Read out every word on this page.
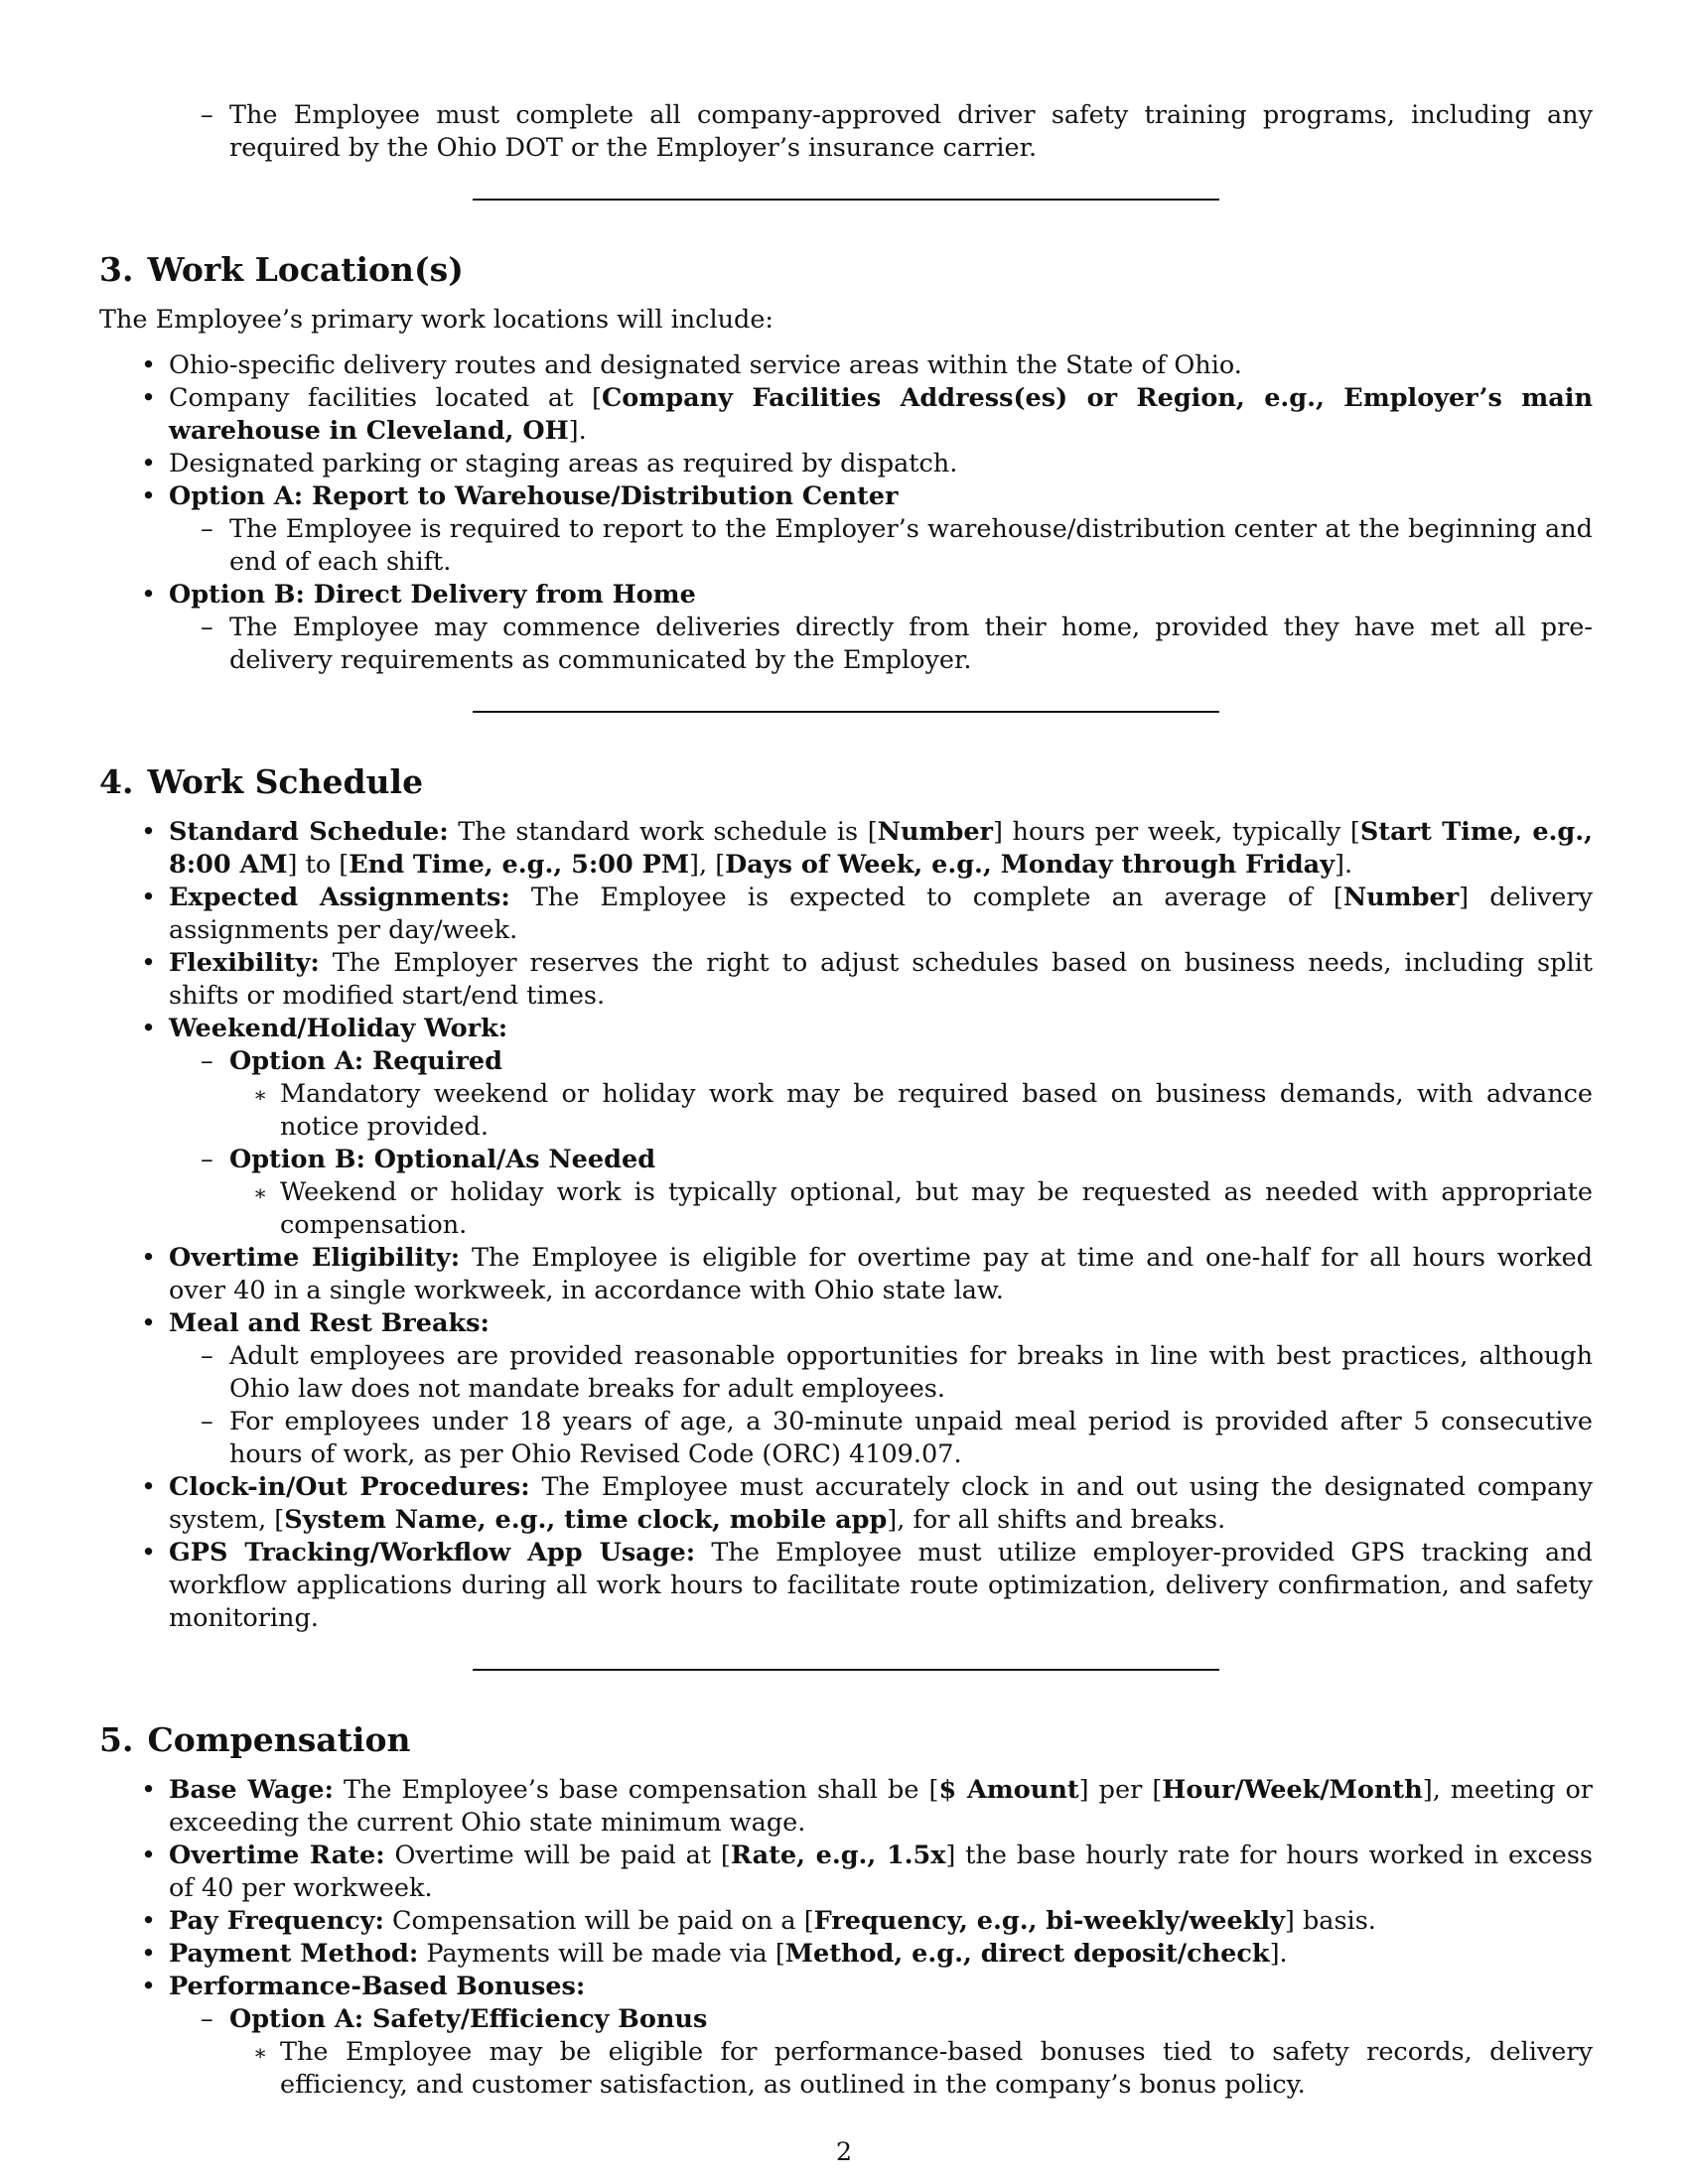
– The Employee must complete all company-approved driver safety training programs, including any required by the Ohio DOT or the Employer’s insurance carrier.
3. Work Location(s)

The Employee’s primary work locations will include:

• Ohio-specific delivery routes and designated service areas within the State of Ohio.
• Company facilities located at [Company Facilities Address(es) or Region, e.g., Employer’s main warehouse in Cleveland, OH].
• Designated parking or staging areas as required by dispatch.
• Option A: Report to Warehouse/Distribution Center
– The Employee is required to report to the Employer’s warehouse/distribution center at the beginning and end of each shift.
• Option B: Direct Delivery from Home
– The Employee may commence deliveries directly from their home, provided they have met all pre-delivery requirements as communicated by the Employer.
4. Work Schedule
• Standard Schedule: The standard work schedule is [Number] hours per week, typically [Start Time, e.g., 8:00 AM] to [End Time, e.g., 5:00 PM], [Days of Week, e.g., Monday through Friday].
• Expected Assignments: The Employee is expected to complete an average of [Number] delivery assignments per day/week.
• Flexibility: The Employer reserves the right to adjust schedules based on business needs, including split shifts or modified start/end times.
• Weekend/Holiday Work:
– Option A: Required
∗ Mandatory weekend or holiday work may be required based on business demands, with advance notice provided.
– Option B: Optional/As Needed
∗ Weekend or holiday work is typically optional, but may be requested as needed with appropriate compensation.
• Overtime Eligibility: The Employee is eligible for overtime pay at time and one-half for all hours worked over 40 in a single workweek, in accordance with Ohio state law.
• Meal and Rest Breaks:
– Adult employees are provided reasonable opportunities for breaks in line with best practices, although Ohio law does not mandate breaks for adult employees.
– For employees under 18 years of age, a 30-minute unpaid meal period is provided after 5 consecutive hours of work, as per Ohio Revised Code (ORC) 4109.07.
• Clock-in/Out Procedures: The Employee must accurately clock in and out using the designated company system, [System Name, e.g., time clock, mobile app], for all shifts and breaks.
• GPS Tracking/Workflow App Usage: The Employee must utilize employer-provided GPS tracking and workflow applications during all work hours to facilitate route optimization, delivery confirmation, and safety monitoring.
5. Compensation
• Base Wage: The Employee’s base compensation shall be [$ Amount] per [Hour/Week/Month], meeting or exceeding the current Ohio state minimum wage.
• Overtime Rate: Overtime will be paid at [Rate, e.g., 1.5x] the base hourly rate for hours worked in excess of 40 per workweek.
• Pay Frequency: Compensation will be paid on a [Frequency, e.g., bi-weekly/weekly] basis.
• Payment Method: Payments will be made via [Method, e.g., direct deposit/check].
• Performance-Based Bonuses:
– Option A: Safety/Efficiency Bonus
∗ The Employee may be eligible for performance-based bonuses tied to safety records, delivery efficiency, and customer satisfaction, as outlined in the company’s bonus policy.
2
